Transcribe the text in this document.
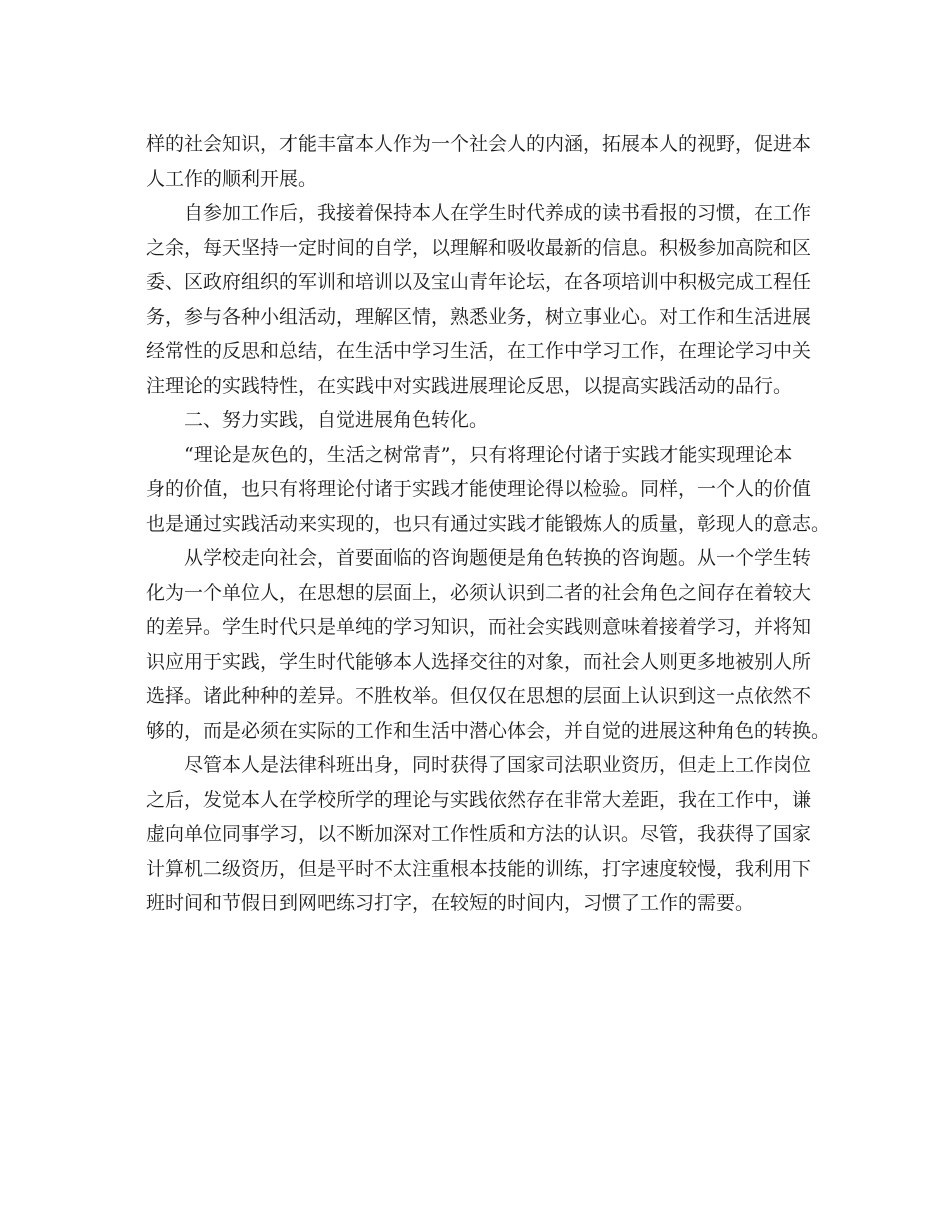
样的社会知识，才能丰富本人作为一个社会人的内涵，拓展本人的视野，促进本
人工作的顺利开展。
　　自参加工作后，我接着保持本人在学生时代养成的读书看报的习惯，在工作
之余，每天坚持一定时间的自学，以理解和吸收最新的信息。积极参加高院和区
委、区政府组织的军训和培训以及宝山青年论坛，在各项培训中积极完成工程任
务，参与各种小组活动，理解区情，熟悉业务，树立事业心。对工作和生活进展
经常性的反思和总结，在生活中学习生活，在工作中学习工作，在理论学习中关
注理论的实践特性，在实践中对实践进展理论反思，以提高实践活动的品行。
　　二、努力实践，自觉进展角色转化。
　　“理论是灰色的，生活之树常青”，只有将理论付诸于实践才能实现理论本
身的价值，也只有将理论付诸于实践才能使理论得以检验。同样，一个人的价值
也是通过实践活动来实现的，也只有通过实践才能锻炼人的质量，彰现人的意志。
　　从学校走向社会，首要面临的咨询题便是角色转换的咨询题。从一个学生转
化为一个单位人，在思想的层面上，必须认识到二者的社会角色之间存在着较大
的差异。学生时代只是单纯的学习知识，而社会实践则意味着接着学习，并将知
识应用于实践，学生时代能够本人选择交往的对象，而社会人则更多地被别人所
选择。诸此种种的差异。不胜枚举。但仅仅在思想的层面上认识到这一点依然不
够的，而是必须在实际的工作和生活中潜心体会，并自觉的进展这种角色的转换。
　　尽管本人是法律科班出身，同时获得了国家司法职业资历，但走上工作岗位
之后，发觉本人在学校所学的理论与实践依然存在非常大差距，我在工作中，谦
虚向单位同事学习，以不断加深对工作性质和方法的认识。尽管，我获得了国家
计算机二级资历，但是平时不太注重根本技能的训练，打字速度较慢，我利用下
班时间和节假日到网吧练习打字，在较短的时间内，习惯了工作的需要。
